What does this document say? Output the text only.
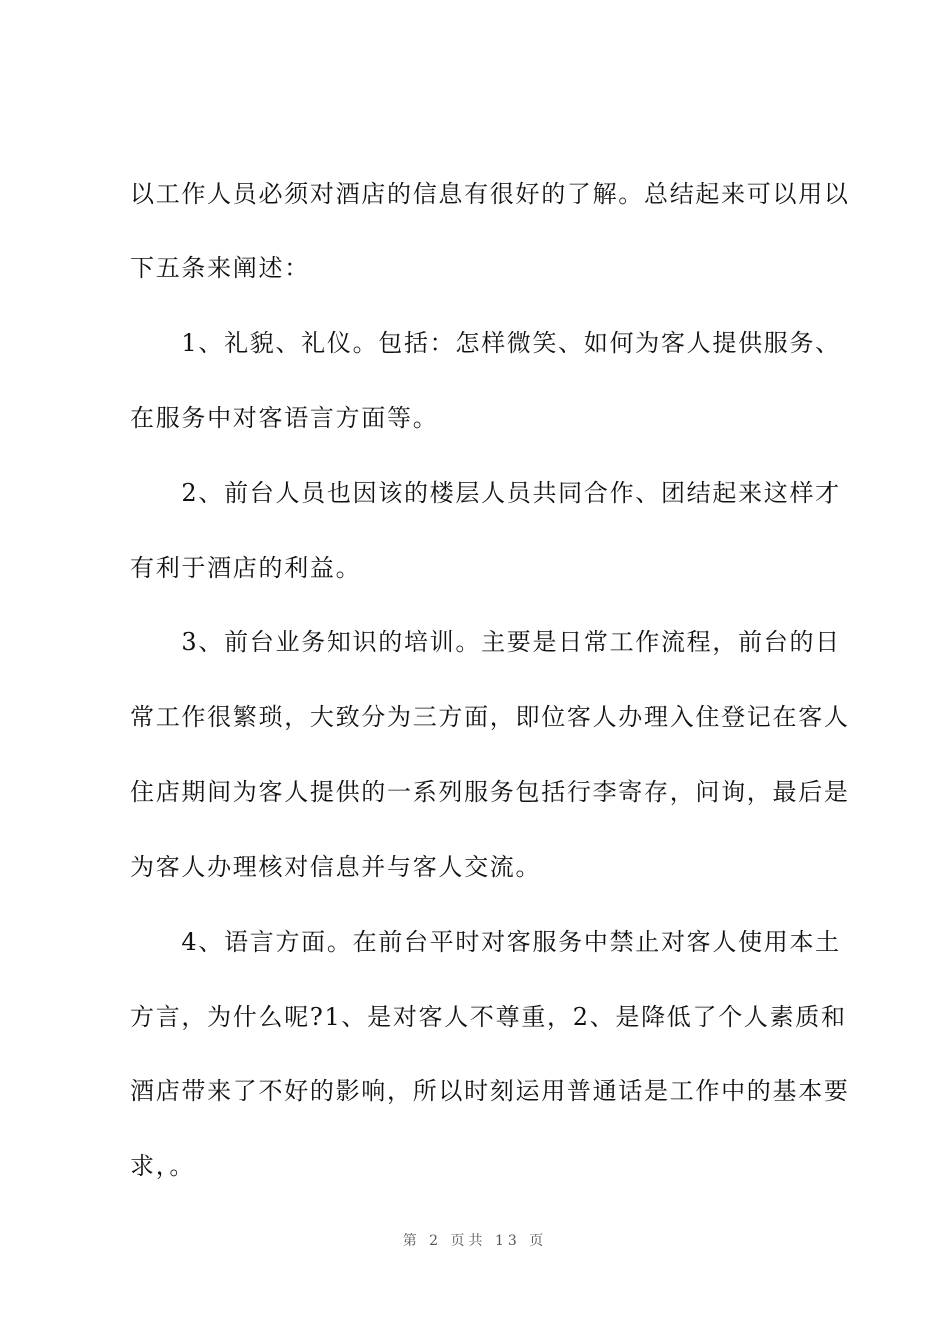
以工作人员必须对酒店的信息有很好的了解。总结起来可以用以
下五条来阐述：
　　1、礼貌、礼仪。包括：怎样微笑、如何为客人提供服务、
在服务中对客语言方面等。
　　2、前台人员也因该的楼层人员共同合作、团结起来这样才
有利于酒店的利益。
　　3、前台业务知识的培训。主要是日常工作流程，前台的日
常工作很繁琐，大致分为三方面，即位客人办理入住登记在客人
住店期间为客人提供的一系列服务包括行李寄存，问询，最后是
为客人办理核对信息并与客人交流。
　　4、语言方面。在前台平时对客服务中禁止对客人使用本土
方言，为什么呢?1、是对客人不尊重，2、是降低了个人素质和
酒店带来了不好的影响，所以时刻运用普通话是工作中的基本要
求，。
第 2 页共 13 页
